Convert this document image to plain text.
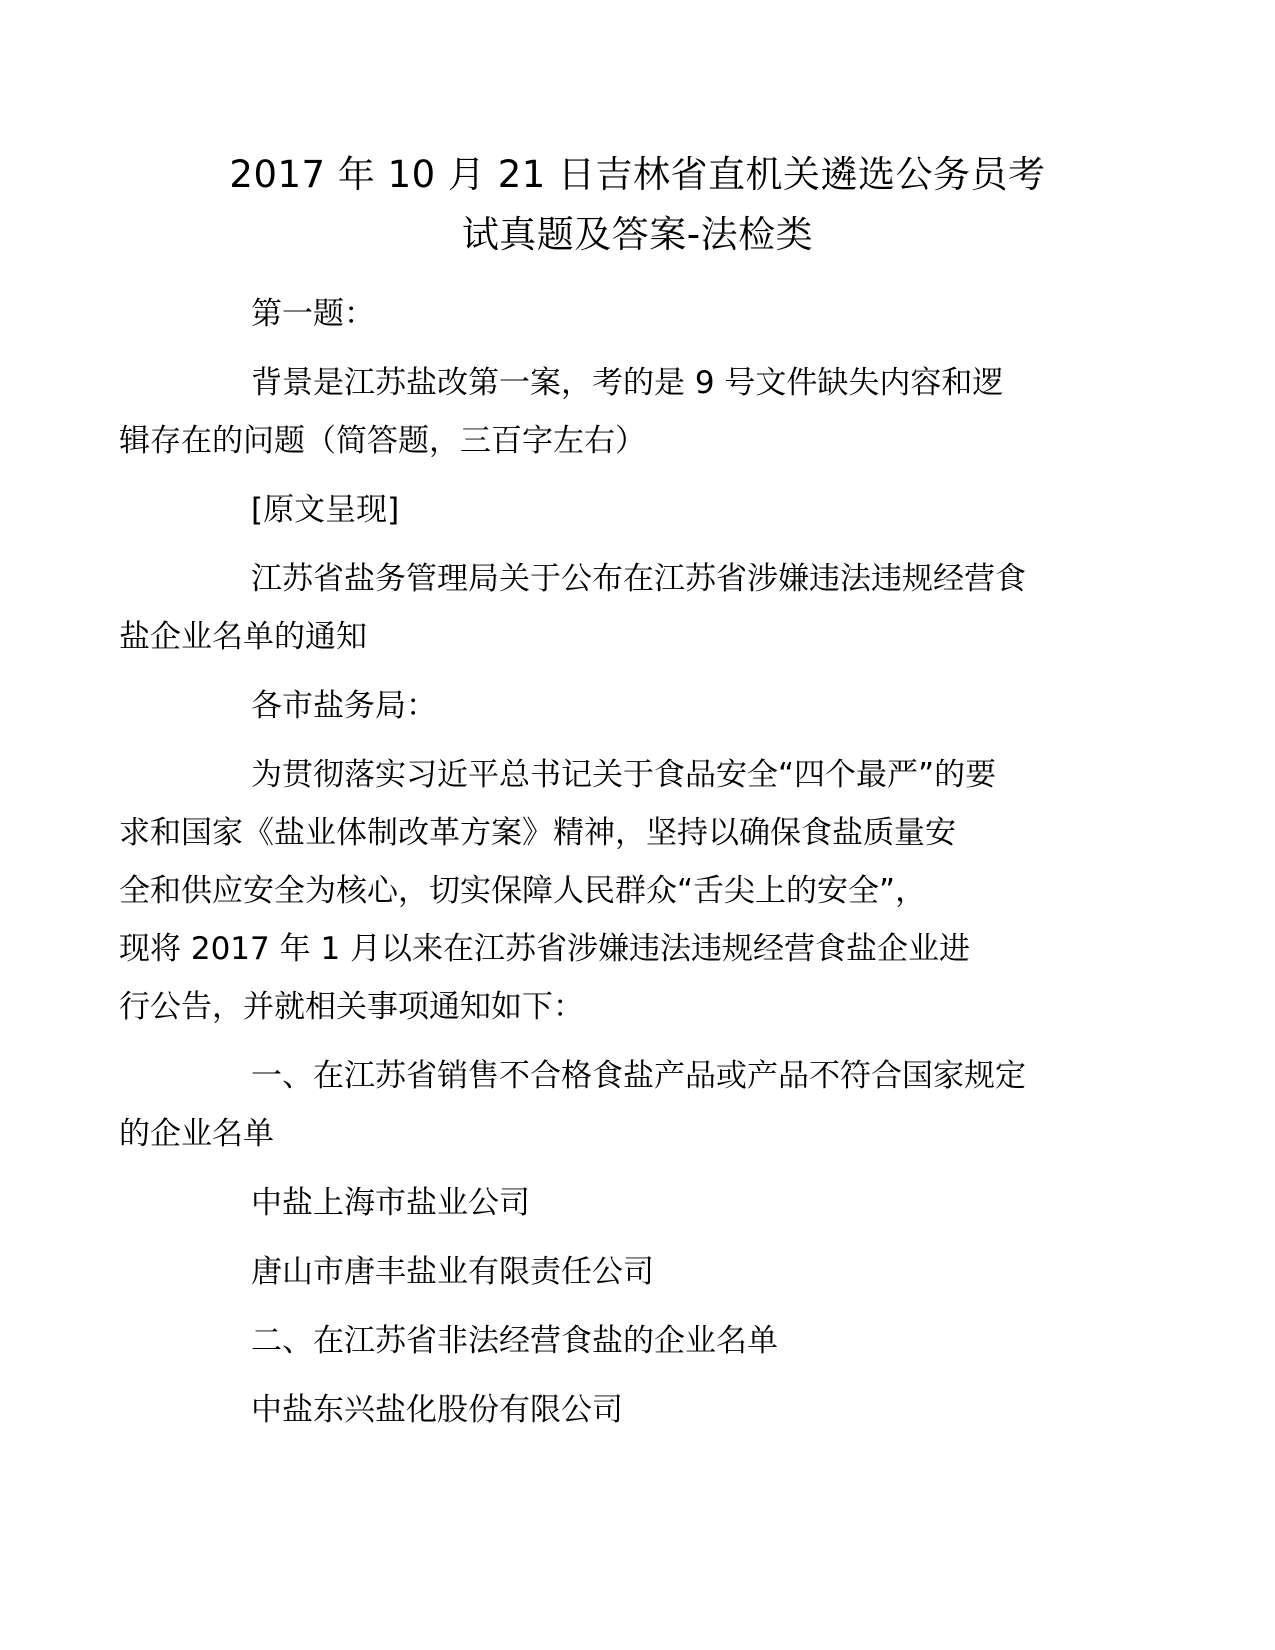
2017 年 10 月 21 日吉林省直机关遴选公务员考
试真题及答案-法检类

第一题：

背景是江苏盐改第一案，考的是 9 号文件缺失内容和逻
辑存在的问题（简答题，三百字左右）

[原文呈现]

江苏省盐务管理局关于公布在江苏省涉嫌违法违规经营食
盐企业名单的通知

各市盐务局：

为贯彻落实习近平总书记关于食品安全“四个最严”的要
求和国家《盐业体制改革方案》精神，坚持以确保食盐质量安
全和供应安全为核心，切实保障人民群众“舌尖上的安全”，
现将 2017 年 1 月以来在江苏省涉嫌违法违规经营食盐企业进
行公告，并就相关事项通知如下：

一、在江苏省销售不合格食盐产品或产品不符合国家规定
的企业名单

中盐上海市盐业公司

唐山市唐丰盐业有限责任公司

二、在江苏省非法经营食盐的企业名单

中盐东兴盐化股份有限公司
